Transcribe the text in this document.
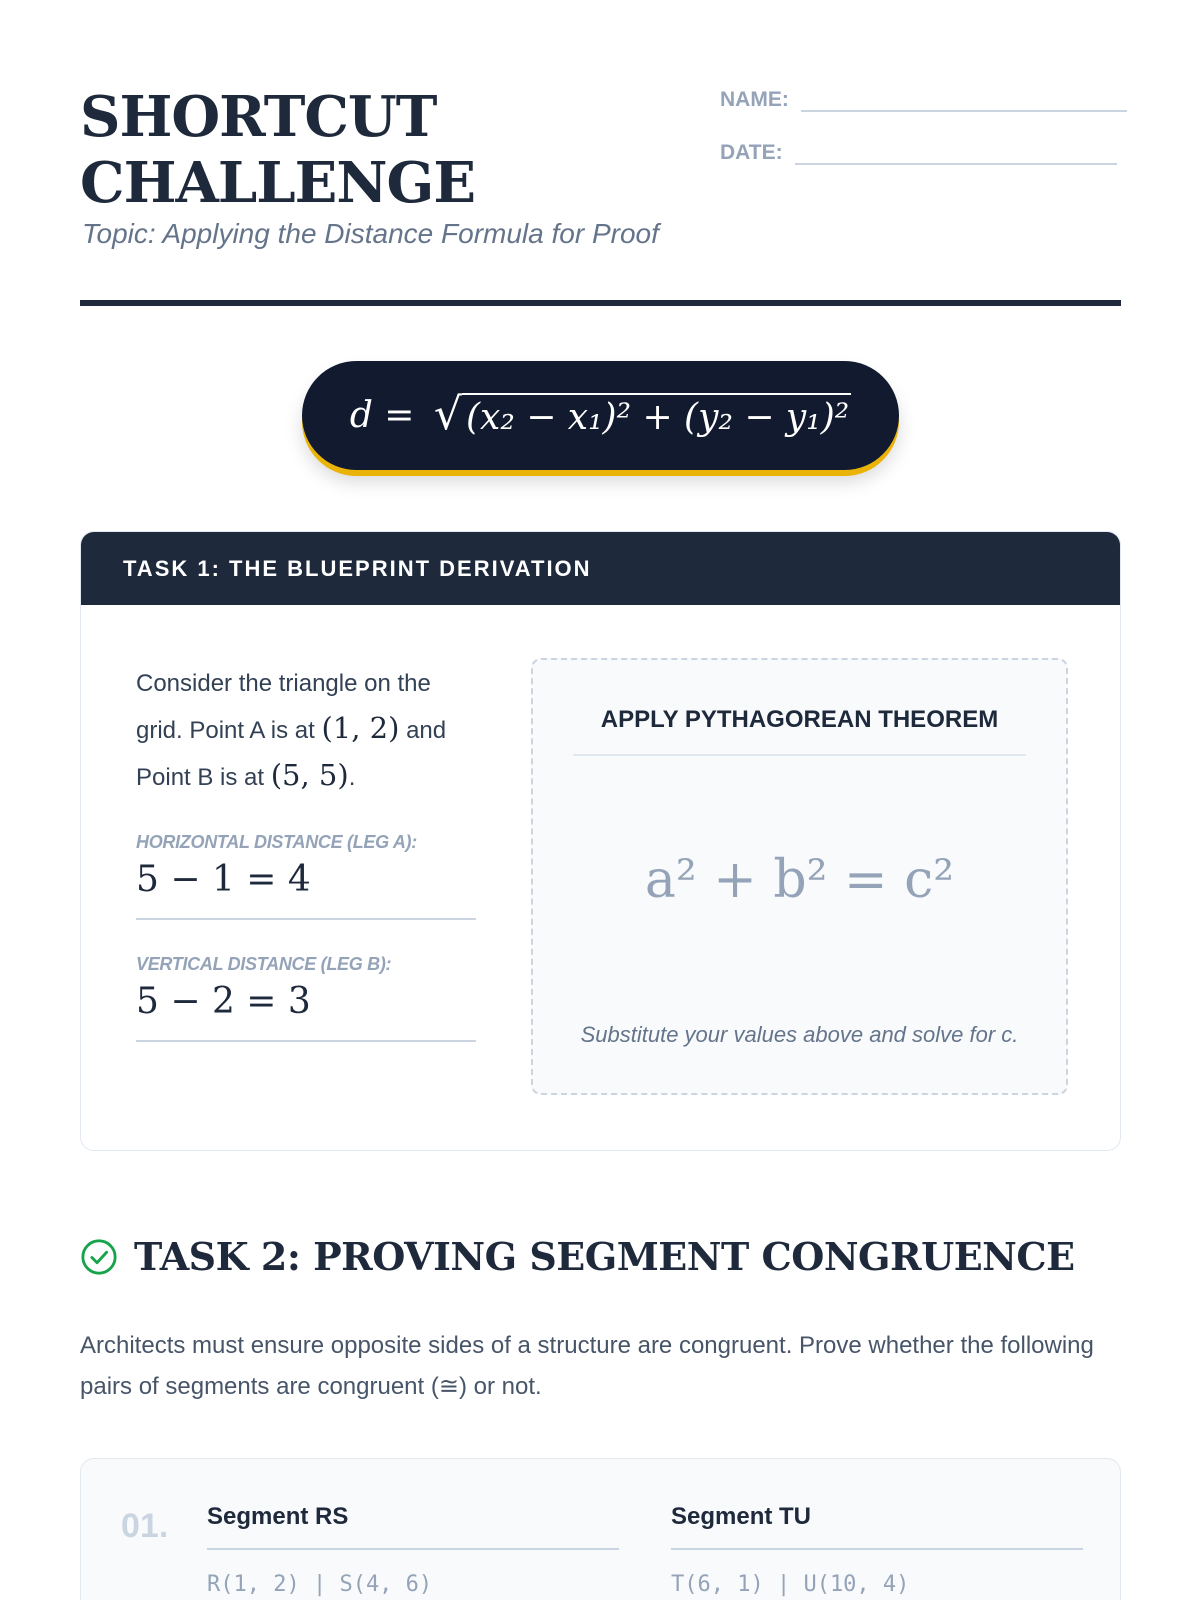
SHORTCUT
CHALLENGE
Topic: Applying the Distance Formula for Proof
NAME:
DATE:
d = √ (x₂ − x₁)² + (y₂ − y₁)²
TASK 1: THE BLUEPRINT DERIVATION

Consider the triangle on the grid. Point A is at (1, 2) and Point B is at (5, 5).

HORIZONTAL DISTANCE (LEG A):
5 − 1 = 4
VERTICAL DISTANCE (LEG B):
5 − 2 = 3
APPLY PYTHAGOREAN THEOREM
a² + b² = c²
Substitute your values above and solve for c.
TASK 2: PROVING SEGMENT CONGRUENCE

Architects must ensure opposite sides of a structure are congruent. Prove whether the following pairs of segments are congruent (≅) or not.

01. Segment RS
R(1, 2) | S(4, 6)
Segment TU
T(6, 1) | U(10, 4)
